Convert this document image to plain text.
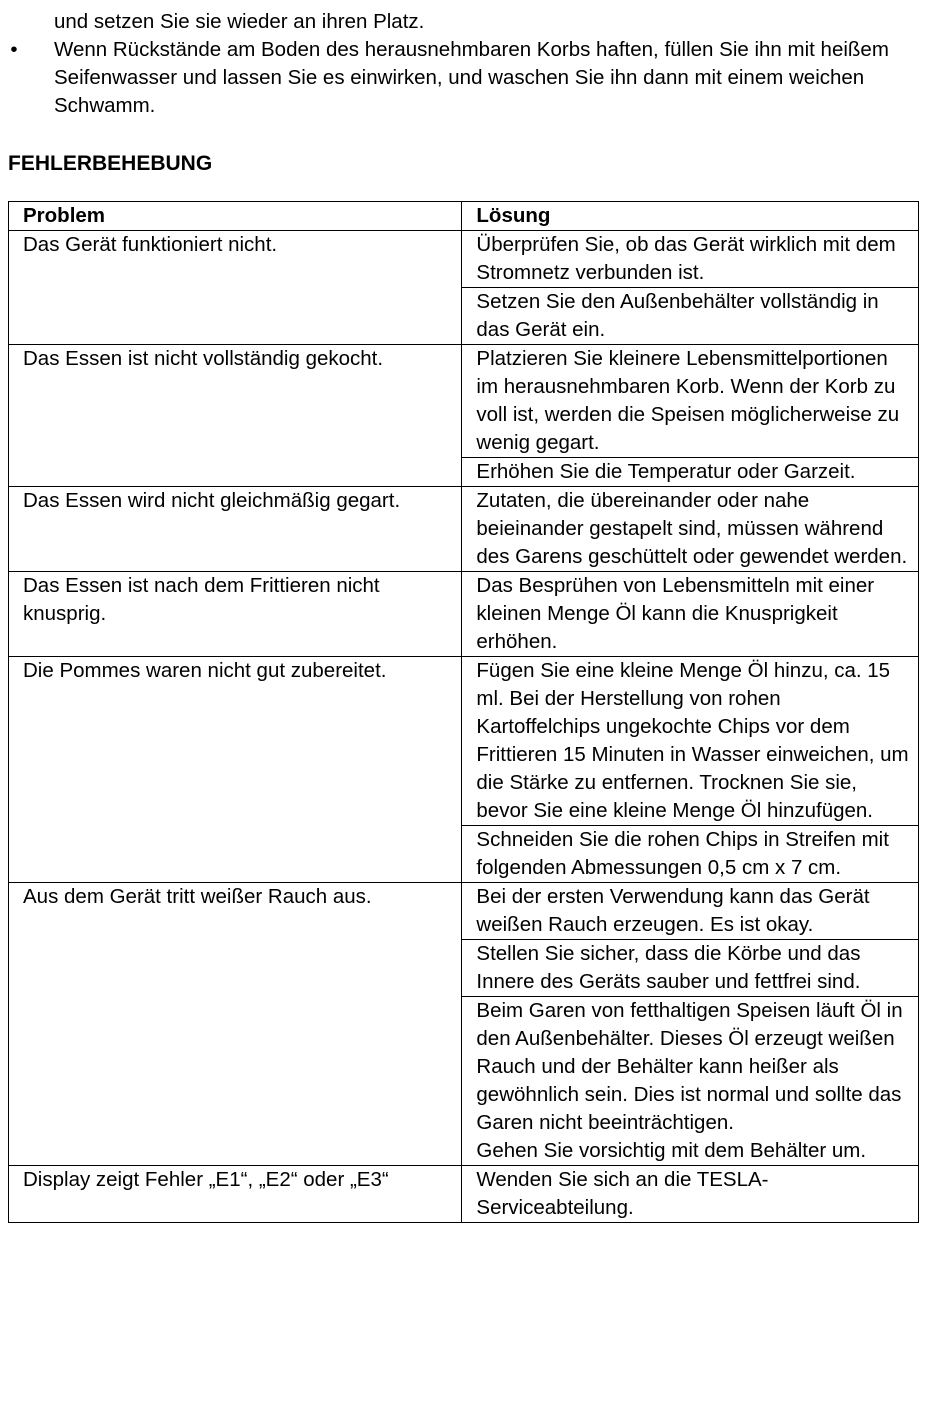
und setzen Sie sie wieder an ihren Platz.
• Wenn Rückstände am Boden des herausnehmbaren Korbs haften, füllen Sie ihn mit heißem Seifenwasser und lassen Sie es einwirken, und waschen Sie ihn dann mit einem weichen Schwamm.
FEHLERBEHEBUNG
Problem	Lösung
Das Gerät funktioniert nicht.	Überprüfen Sie, ob das Gerät wirklich mit dem Stromnetz verbunden ist.
	Setzen Sie den Außenbehälter vollständig in das Gerät ein.
Das Essen ist nicht vollständig gekocht.	Platzieren Sie kleinere Lebensmittelportionen im herausnehmbaren Korb. Wenn der Korb zu voll ist, werden die Speisen möglicherweise zu wenig gegart.
	Erhöhen Sie die Temperatur oder Garzeit.
Das Essen wird nicht gleichmäßig gegart.	Zutaten, die übereinander oder nahe beieinander gestapelt sind, müssen während des Garens geschüttelt oder gewendet werden.
Das Essen ist nach dem Frittieren nicht knusprig.	Das Besprühen von Lebensmitteln mit einer kleinen Menge Öl kann die Knusprigkeit erhöhen.
Die Pommes waren nicht gut zubereitet.	Fügen Sie eine kleine Menge Öl hinzu, ca. 15 ml. Bei der Herstellung von rohen Kartoffelchips ungekochte Chips vor dem Frittieren 15 Minuten in Wasser einweichen, um die Stärke zu entfernen. Trocknen Sie sie, bevor Sie eine kleine Menge Öl hinzufügen.
	Schneiden Sie die rohen Chips in Streifen mit folgenden Abmessungen 0,5 cm x 7 cm.
Aus dem Gerät tritt weißer Rauch aus.	Bei der ersten Verwendung kann das Gerät weißen Rauch erzeugen. Es ist okay.
	Stellen Sie sicher, dass die Körbe und das Innere des Geräts sauber und fettfrei sind.
	Beim Garen von fetthaltigen Speisen läuft Öl in den Außenbehälter. Dieses Öl erzeugt weißen Rauch und der Behälter kann heißer als gewöhnlich sein. Dies ist normal und sollte das Garen nicht beeinträchtigen.
Gehen Sie vorsichtig mit dem Behälter um.
Display zeigt Fehler „E1“, „E2“ oder „E3“	Wenden Sie sich an die TESLA-Serviceabteilung.
